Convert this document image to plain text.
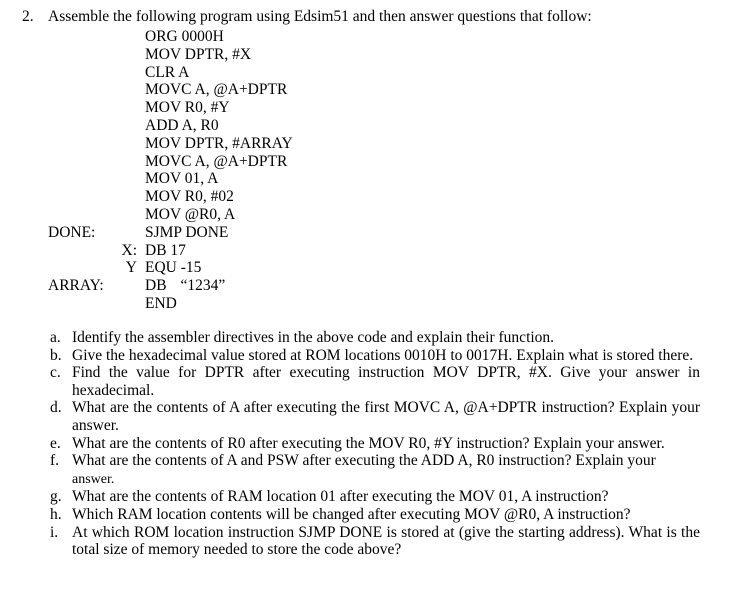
2. Assemble the following program using Edsim51 and then answer questions that follow:
ORG 0000H
MOV DPTR, #X
CLR A
MOVC A, @A+DPTR
MOV R0, #Y
ADD A, R0
MOV DPTR, #ARRAY
MOVC A, @A+DPTR
MOV 01, A
MOV R0, #02
MOV @R0, A
DONE:	SJMP DONE
X: DB 17
Y EQU -15
ARRAY:	DB “1234”
END
a. Identify the assembler directives in the above code and explain their function.
b. Give the hexadecimal value stored at ROM locations 0010H to 0017H. Explain what is stored there.
c. Find the value for DPTR after executing instruction MOV DPTR, #X. Give your answer in hexadecimal.
d. What are the contents of A after executing the first MOVC A, @A+DPTR instruction? Explain your answer.
e. What are the contents of R0 after executing the MOV R0, #Y instruction? Explain your answer.
f. What are the contents of A and PSW after executing the ADD A, R0 instruction? Explain your
answer.
g. What are the contents of RAM location 01 after executing the MOV 01, A instruction?
h. Which RAM location contents will be changed after executing MOV @R0, A instruction?
i. At which ROM location instruction SJMP DONE is stored at (give the starting address). What is the total size of memory needed to store the code above?
